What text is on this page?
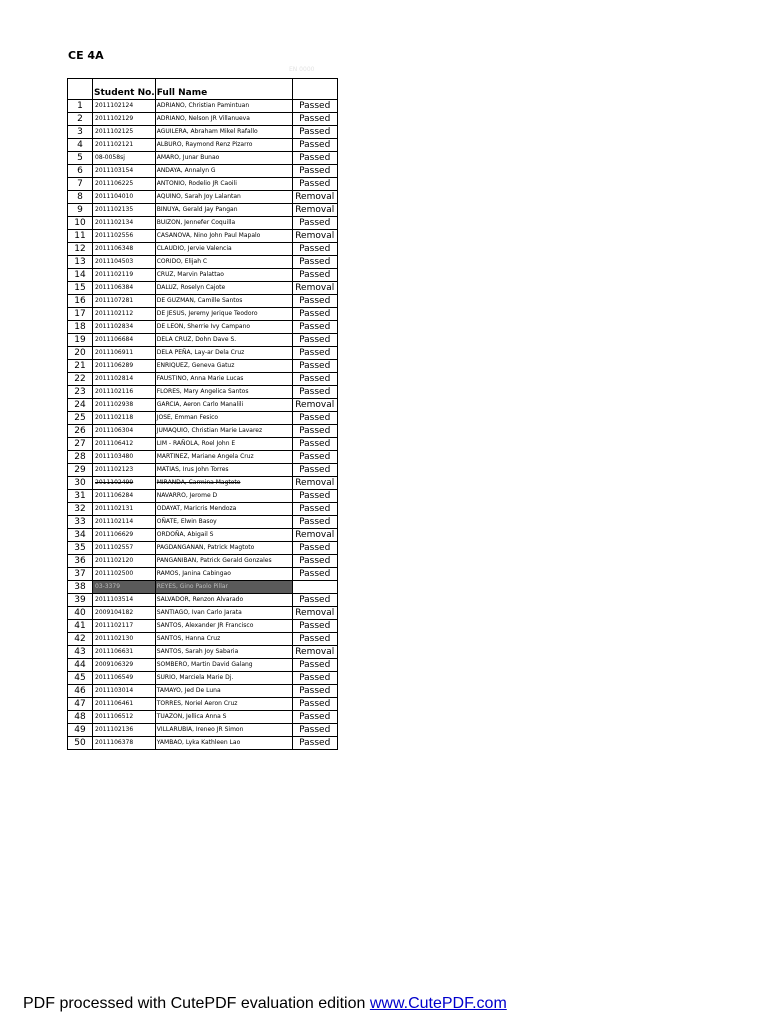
CE 4A
EN 0000
	Student No.	Full Name	
1	2011102124	ADRIANO, Christian Pamintuan	Passed
2	2011102129	ADRIANO, Nelson JR Villanueva	Passed
3	2011102125	AGUILERA, Abraham Mikel Rafallo	Passed
4	2011102121	ALBURO, Raymond Renz Pizarro	Passed
5	08-0058sj	AMARO, Junar Bunao	Passed
6	2011103154	ANDAYA, Annalyn G	Passed
7	2011106225	ANTONIO, Rodelio JR Caoili	Passed
8	2011104010	AQUINO, Sarah Joy Lalantan	Removal
9	2011102135	BINUYA, Gerald Jay Pangan	Removal
10	2011102134	BUIZON, Jennefer Coquilla	Passed
11	2011102556	CASANOVA, Nino John Paul Mapalo	Removal
12	2011106348	CLAUDIO, Jervie Valencia	Passed
13	2011104503	CORIDO, Elijah C	Passed
14	2011102119	CRUZ, Marvin Palattao	Passed
15	2011106384	DALUZ, Roselyn Cajote	Removal
16	2011107281	DE GUZMAN, Camille Santos	Passed
17	2011102112	DE JESUS, Jeremy Jerique Teodoro	Passed
18	2011102834	DE LEON, Sherrie Ivy Campano	Passed
19	2011106684	DELA CRUZ, Dohn Dave S.	Passed
20	2011106911	DELA PEÑA, Lay-ar Dela Cruz	Passed
21	2011106289	ENRIQUEZ, Geneva Gatuz	Passed
22	2011102814	FAUSTINO, Anna Marie Lucas	Passed
23	2011102116	FLORES, Mary Angelica Santos	Passed
24	2011102938	GARCIA, Aeron Carlo Manalili	Removal
25	2011102118	JOSE, Emman Fesico	Passed
26	2011106304	JUMAQUIO, Christian Marie Lavarez	Passed
27	2011106412	LIM - RAÑOLA, Roel John E	Passed
28	2011103480	MARTINEZ, Mariane Angela Cruz	Passed
29	2011102123	MATIAS, Irus John Torres	Passed
30	2011102499	MIRANDA, Carmina Magtoto	Removal
31	2011106284	NAVARRO, Jerome D	Passed
32	2011102131	ODAYAT, Maricris Mendoza	Passed
33	2011102114	OÑATE, Elwin Basoy	Passed
34	2011106629	ORDOÑA, Abigail S	Removal
35	2011102557	PAGDANGANAN, Patrick Magtoto	Passed
36	2011102120	PANGANIBAN, Patrick Gerald Gonzales	Passed
37	2011102500	RAMOS, Janina Cabingao	Passed
38	03-3379	REYES, Gino Paolo Pillar	
39	2011103514	SALVADOR, Renzon Alvarado	Passed
40	2009104182	SANTIAGO, Ivan Carlo Jarata	Removal
41	2011102117	SANTOS, Alexander JR Francisco	Passed
42	2011102130	SANTOS, Hanna Cruz	Passed
43	2011106631	SANTOS, Sarah Joy Sabaria	Removal
44	2009106329	SOMBERO, Martin David Galang	Passed
45	2011106549	SURIO, Marciela Marie Dj.	Passed
46	2011103014	TAMAYO, Jed De Luna	Passed
47	2011106461	TORRES, Noriel Aeron Cruz	Passed
48	2011106512	TUAZON, Jellica Anna S	Passed
49	2011102136	VILLARUBIA, Ireneo JR Simon	Passed
50	2011106378	YAMBAO, Lyka Kathleen Lao	Passed
PDF processed with CutePDF evaluation edition www.CutePDF.com
